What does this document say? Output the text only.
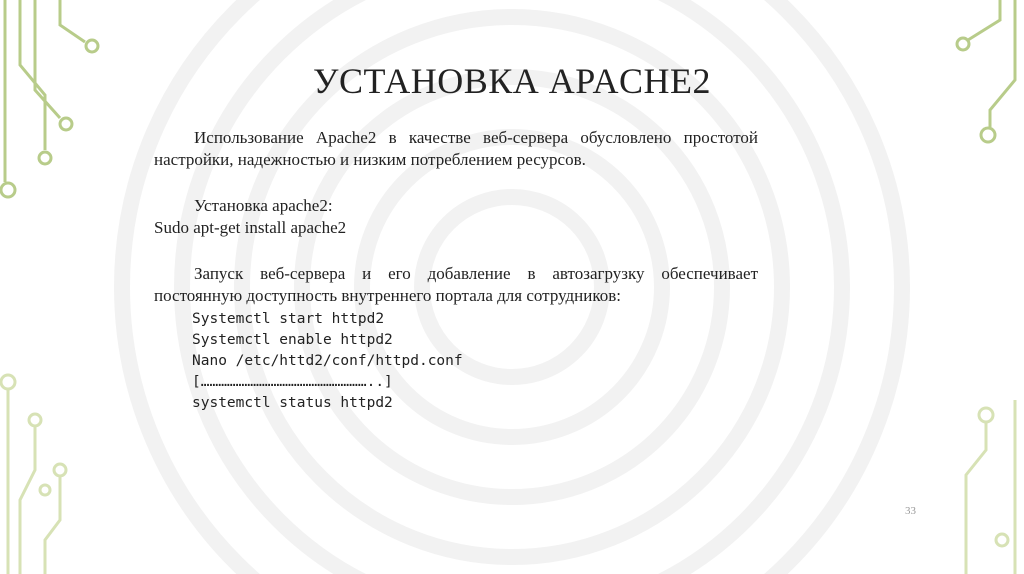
УСТАНОВКА APACHE2

Использование Apache2 в качестве веб-сервера обусловлено простотой настройки, надежностью и низким потреблением ресурсов.

Установка apache2:

Sudo apt-get install apache2

Запуск веб-сервера и его добавление в автозагрузку обеспечивает постоянную доступность внутреннего портала для сотрудников:

Systemctl start httpd2
Systemctl enable httpd2
Nano /etc/httd2/conf/httpd.conf
[…………………………………………………..]
systemctl status httpd2
33
